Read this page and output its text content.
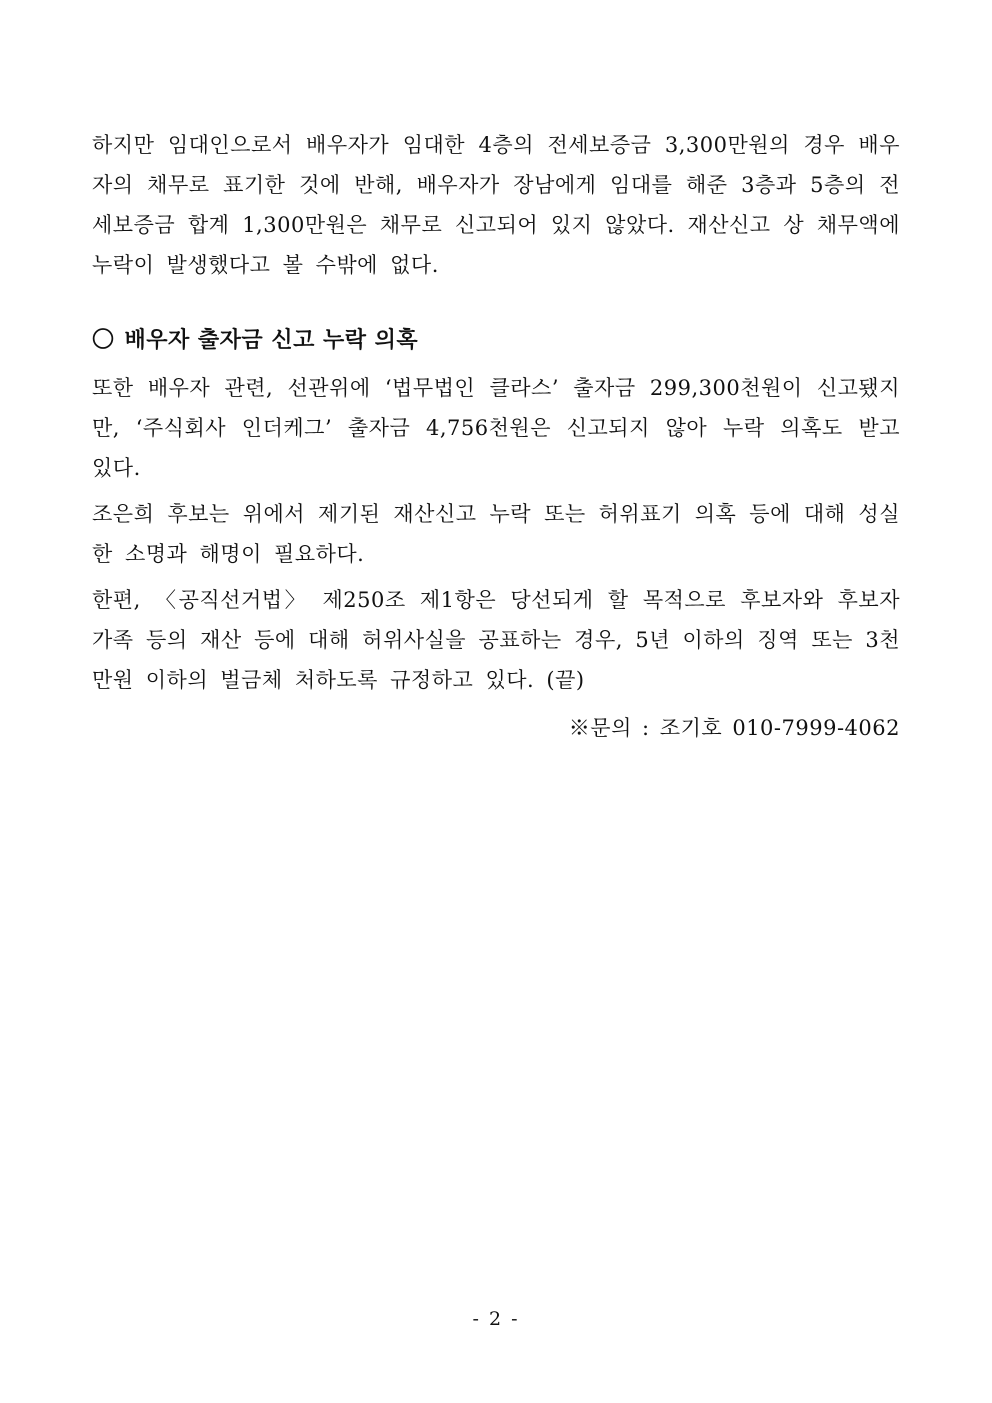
하지만 임대인으로서 배우자가 임대한 4층의 전세보증금 3,300만원의 경우 배우자의 채무로 표기한 것에 반해, 배우자가 장남에게 임대를 해준 3층과 5층의 전세보증금 합계 1,300만원은 채무로 신고되어 있지 않았다. 재산신고 상 채무액에 누락이 발생했다고 볼 수밖에 없다.

〇 배우자 출자금 신고 누락 의혹

또한 배우자 관련, 선관위에 ‘법무법인 클라스’ 출자금 299,300천원이 신고됐지만, ‘주식회사 인더케그’ 출자금 4,756천원은 신고되지 않아 누락 의혹도 받고 있다.

조은희 후보는 위에서 제기된 재산신고 누락 또는 허위표기 의혹 등에 대해 성실한 소명과 해명이 필요하다.

한편, 〈공직선거법〉 제250조 제1항은 당선되게 할 목적으로 후보자와 후보자 가족 등의 재산 등에 대해 허위사실을 공표하는 경우, 5년 이하의 징역 또는 3천만원 이하의 벌금체 처하도록 규정하고 있다. (끝)

※문의 : 조기호 010-7999-4062

- 2 -
